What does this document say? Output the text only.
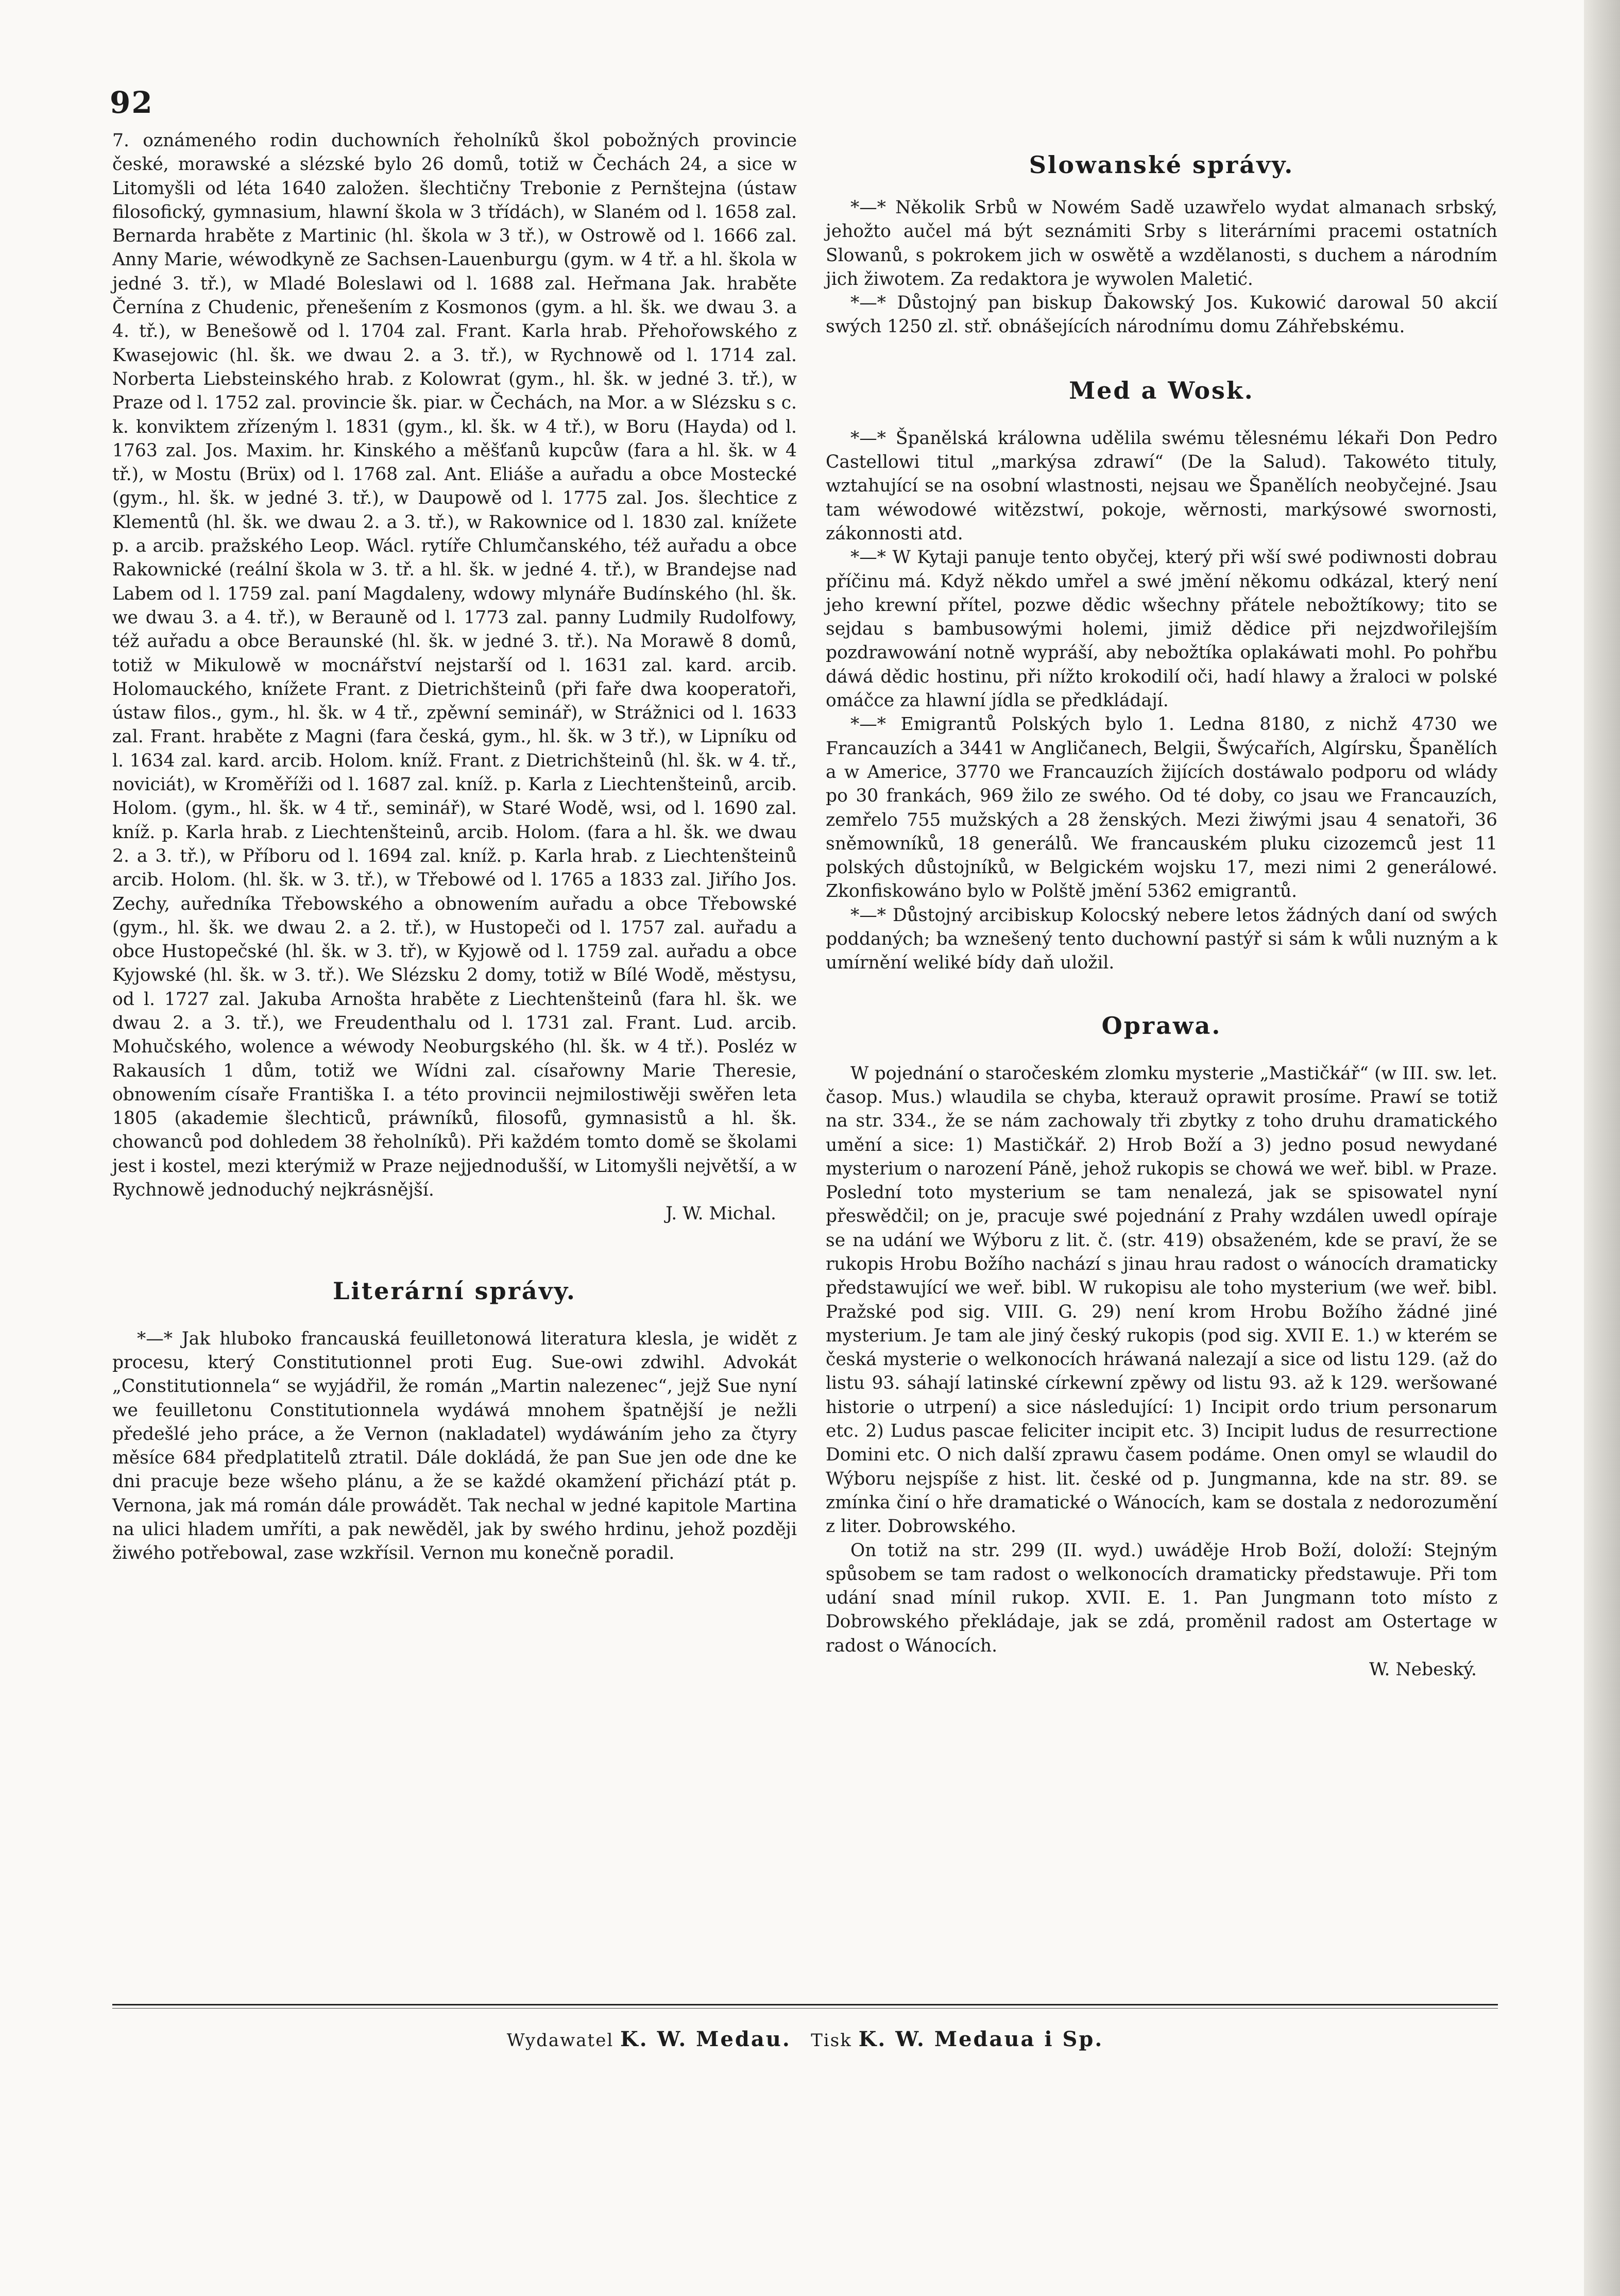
92

7. oznámeného rodin duchowních řeholníků škol pobožných provincie české, morawské a slézské bylo 26 domů, totiž w Čechách 24, a sice w Litomyšli od léta 1640 založen. šlechtičny Trebonie z Pernštejna (ústaw filosofický, gymnasium, hlawní škola w 3 třídách), w Slaném od l. 1658 zal. Bernarda hraběte z Martinic (hl. škola w 3 tř.), w Ostrowě od l. 1666 zal. Anny Marie, wéwodkyně ze Sachsen-Lauenburgu (gym. w 4 tř. a hl. škola w jedné 3. tř.), w Mladé Boleslawi od l. 1688 zal. Heřmana Jak. hraběte Černína z Chudenic, přenešením z Kosmonos (gym. a hl. šk. we dwau 3. a 4. tř.), w Benešowě od l. 1704 zal. Frant. Karla hrab. Přehořowského z Kwasejowic (hl. šk. we dwau 2. a 3. tř.), w Rychnowě od l. 1714 zal. Norberta Liebsteinského hrab. z Kolowrat (gym., hl. šk. w jedné 3. tř.), w Praze od l. 1752 zal. provincie šk. piar. w Čechách, na Mor. a w Slézsku s c. k. konviktem zřízeným l. 1831 (gym., kl. šk. w 4 tř.), w Boru (Hayda) od l. 1763 zal. Jos. Maxim. hr. Kinského a měšťanů kupcůw (fara a hl. šk. w 4 tř.), w Mostu (Brüx) od l. 1768 zal. Ant. Eliáše a auřadu a obce Mostecké (gym., hl. šk. w jedné 3. tř.), w Daupowě od l. 1775 zal. Jos. šlechtice z Klementů (hl. šk. we dwau 2. a 3. tř.), w Rakownice od l. 1830 zal. knížete p. a arcib. pražského Leop. Wácl. rytíře Chlumčanského, též auřadu a obce Rakownické (reální škola w 3. tř. a hl. šk. w jedné 4. tř.), w Brandejse nad Labem od l. 1759 zal. paní Magdaleny, wdowy mlynáře Budínského (hl. šk. we dwau 3. a 4. tř.), w Berauně od l. 1773 zal. panny Ludmily Rudolfowy, též auřadu a obce Beraunské (hl. šk. w jedné 3. tř.). Na Morawě 8 domů, totiž w Mikulowě w mocnářství nejstarší od l. 1631 zal. kard. arcib. Holomauckého, knížete Frant. z Dietrichšteinů (při faře dwa kooperatoři, ústaw filos., gym., hl. šk. w 4 tř., zpěwní seminář), w Strážnici od l. 1633 zal. Frant. hraběte z Magni (fara česká, gym., hl. šk. w 3 tř.), w Lipníku od l. 1634 zal. kard. arcib. Holom. kníž. Frant. z Dietrichšteinů (hl. šk. w 4. tř., noviciát), w Kroměříži od l. 1687 zal. kníž. p. Karla z Liechtenšteinů, arcib. Holom. (gym., hl. šk. w 4 tř., seminář), w Staré Wodě, wsi, od l. 1690 zal. kníž. p. Karla hrab. z Liechtenšteinů, arcib. Holom. (fara a hl. šk. we dwau 2. a 3. tř.), w Příboru od l. 1694 zal. kníž. p. Karla hrab. z Liechtenšteinů arcib. Holom. (hl. šk. w 3. tř.), w Třebowé od l. 1765 a 1833 zal. Jiřího Jos. Zechy, auředníka Třebowského a obnowením auřadu a obce Třebowské (gym., hl. šk. we dwau 2. a 2. tř.), w Hustopeči od l. 1757 zal. auřadu a obce Hustopečské (hl. šk. w 3. tř), w Kyjowě od l. 1759 zal. auřadu a obce Kyjowské (hl. šk. w 3. tř.). We Slézsku 2 domy, totiž w Bílé Wodě, městysu, od l. 1727 zal. Jakuba Arnošta hraběte z Liechtenšteinů (fara hl. šk. we dwau 2. a 3. tř.), we Freudenthalu od l. 1731 zal. Frant. Lud. arcib. Mohučského, wolence a wéwody Neoburgského (hl. šk. w 4 tř.). Posléz w Rakausích 1 dům, totiž we Wídni zal. císařowny Marie Theresie, obnowením císaře Františka I. a této provincii nejmilostiwěji swěřen leta 1805 (akademie šlechticů, práwníků, filosofů, gymnasistů a hl. šk. chowanců pod dohledem 38 řeholníků). Při každém tomto domě se školami jest i kostel, mezi kterýmiž w Praze nejjednodušší, w Litomyšli největší, a w Rychnowě jednoduchý nejkrásnější.

J. W. Michal.

Literární správy.

*—* Jak hluboko francauská feuilletonowá literatura klesla, je widět z procesu, který Constitutionnel proti Eug. Sue-owi zdwihl. Advokát „Constitutionnela“ se wyjádřil, že román „Martin nalezenec“, jejž Sue nyní we feuilletonu Constitutionnela wydáwá mnohem špatnější je nežli předešlé jeho práce, a že Vernon (nakladatel) wydáwáním jeho za čtyry měsíce 684 předplatitelů ztratil. Dále dokládá, že pan Sue jen ode dne ke dni pracuje beze wšeho plánu, a že se každé okamžení přichází ptát p. Vernona, jak má román dále prowádět. Tak nechal w jedné kapitole Martina na ulici hladem umříti, a pak newěděl, jak by swého hrdinu, jehož později žiwého potřebowal, zase wzkřísil. Vernon mu konečně poradil.

Slowanské správy.

*—* Několik Srbů w Nowém Sadě uzawřelo wydat almanach srbský, jehožto aučel má být seznámiti Srby s literárními pracemi ostatních Slowanů, s pokrokem jich w oswětě a wzdělanosti, s duchem a národním jich žiwotem. Za redaktora je wywolen Maletić.

*—* Důstojný pan biskup Ďakowský Jos. Kukowić darowal 50 akcií swých 1250 zl. stř. obnášejících národnímu domu Záhřebskému.

Med a Wosk.

*—* Španělská králowna udělila swému tělesnému lékaři Don Pedro Castellowi titul „markýsa zdrawí“ (De la Salud). Takowéto tituly, wztahující se na osobní wlastnosti, nejsau we Španělích neobyčejné. Jsau tam wéwodowé witězstwí, pokoje, wěrnosti, markýsowé swornosti, zákonnosti atd.

*—* W Kytaji panuje tento obyčej, který při wší swé podiwnosti dobrau příčinu má. Když někdo umřel a swé jmění někomu odkázal, který není jeho krewní přítel, pozwe dědic wšechny přátele nebožtíkowy; tito se sejdau s bambusowými holemi, jimiž dědice při nejzdwořilejším pozdrawowání notně wypráší, aby nebožtíka oplakáwati mohl. Po pohřbu dáwá dědic hostinu, při nížto krokodilí oči, hadí hlawy a žraloci w polské omáčce za hlawní jídla se předkládají.

*—* Emigrantů Polských bylo 1. Ledna 8180, z nichž 4730 we Francauzích a 3441 w Angličanech, Belgii, Šwýcařích, Algírsku, Španělích a w Americe, 3770 we Francauzích žijících dostáwalo podporu od wlády po 30 frankách, 969 žilo ze swého. Od té doby, co jsau we Francauzích, zemřelo 755 mužských a 28 ženských. Mezi žiwými jsau 4 senatoři, 36 sněmowníků, 18 generálů. We francauském pluku cizozemců jest 11 polských důstojníků, w Belgickém wojsku 17, mezi nimi 2 generálowé. Zkonfiskowáno bylo w Polště jmění 5362 emigrantů.

*—* Důstojný arcibiskup Kolocský nebere letos žádných daní od swých poddaných; ba wznešený tento duchowní pastýř si sám k wůli nuzným a k umírnění weliké bídy daň uložil.

Oprawa.

W pojednání o staročeském zlomku mysterie „Mastičkář“ (w III. sw. let. časop. Mus.) wlaudila se chyba, kterauž oprawit prosíme. Prawí se totiž na str. 334., že se nám zachowaly tři zbytky z toho druhu dramatického umění a sice: 1) Mastičkář. 2) Hrob Boží a 3) jedno posud newydané mysterium o narození Páně, jehož rukopis se chowá we weř. bibl. w Praze. Poslední toto mysterium se tam nenalezá, jak se spisowatel nyní přeswědčil; on je, pracuje swé pojednání z Prahy wzdálen uwedl opíraje se na udání we Wýboru z lit. č. (str. 419) obsaženém, kde se praví, že se rukopis Hrobu Božího nachází s jinau hrau radost o wánocích dramaticky předstawující we weř. bibl. W rukopisu ale toho mysterium (we weř. bibl. Pražské pod sig. VIII. G. 29) není krom Hrobu Božího žádné jiné mysterium. Je tam ale jiný český rukopis (pod sig. XVII E. 1.) w kterém se česká mysterie o welkonocích hráwaná nalezají a sice od listu 129. (až do listu 93. sáhají latinské církewní zpěwy od listu 93. až k 129. weršowané historie o utrpení) a sice následující: 1) Incipit ordo trium personarum etc. 2) Ludus pascae feliciter incipit etc. 3) Incipit ludus de resurrectione Domini etc. O nich další zprawu časem podáme. Onen omyl se wlaudil do Wýboru nejspíše z hist. lit. české od p. Jungmanna, kde na str. 89. se zmínka činí o hře dramatické o Wánocích, kam se dostala z nedorozumění z liter. Dobrowského.

On totiž na str. 299 (II. wyd.) uwáděje Hrob Boží, doloží: Stejným spůsobem se tam radost o welkonocích dramaticky předstawuje. Při tom udání snad mínil rukop. XVII. E. 1. Pan Jungmann toto místo z Dobrowského překládaje, jak se zdá, proměnil radost am Ostertage w radost o Wánocích.

W. Nebeský.

Wydawatel K. W. Medau. Tisk K. W. Medaua i Sp.
